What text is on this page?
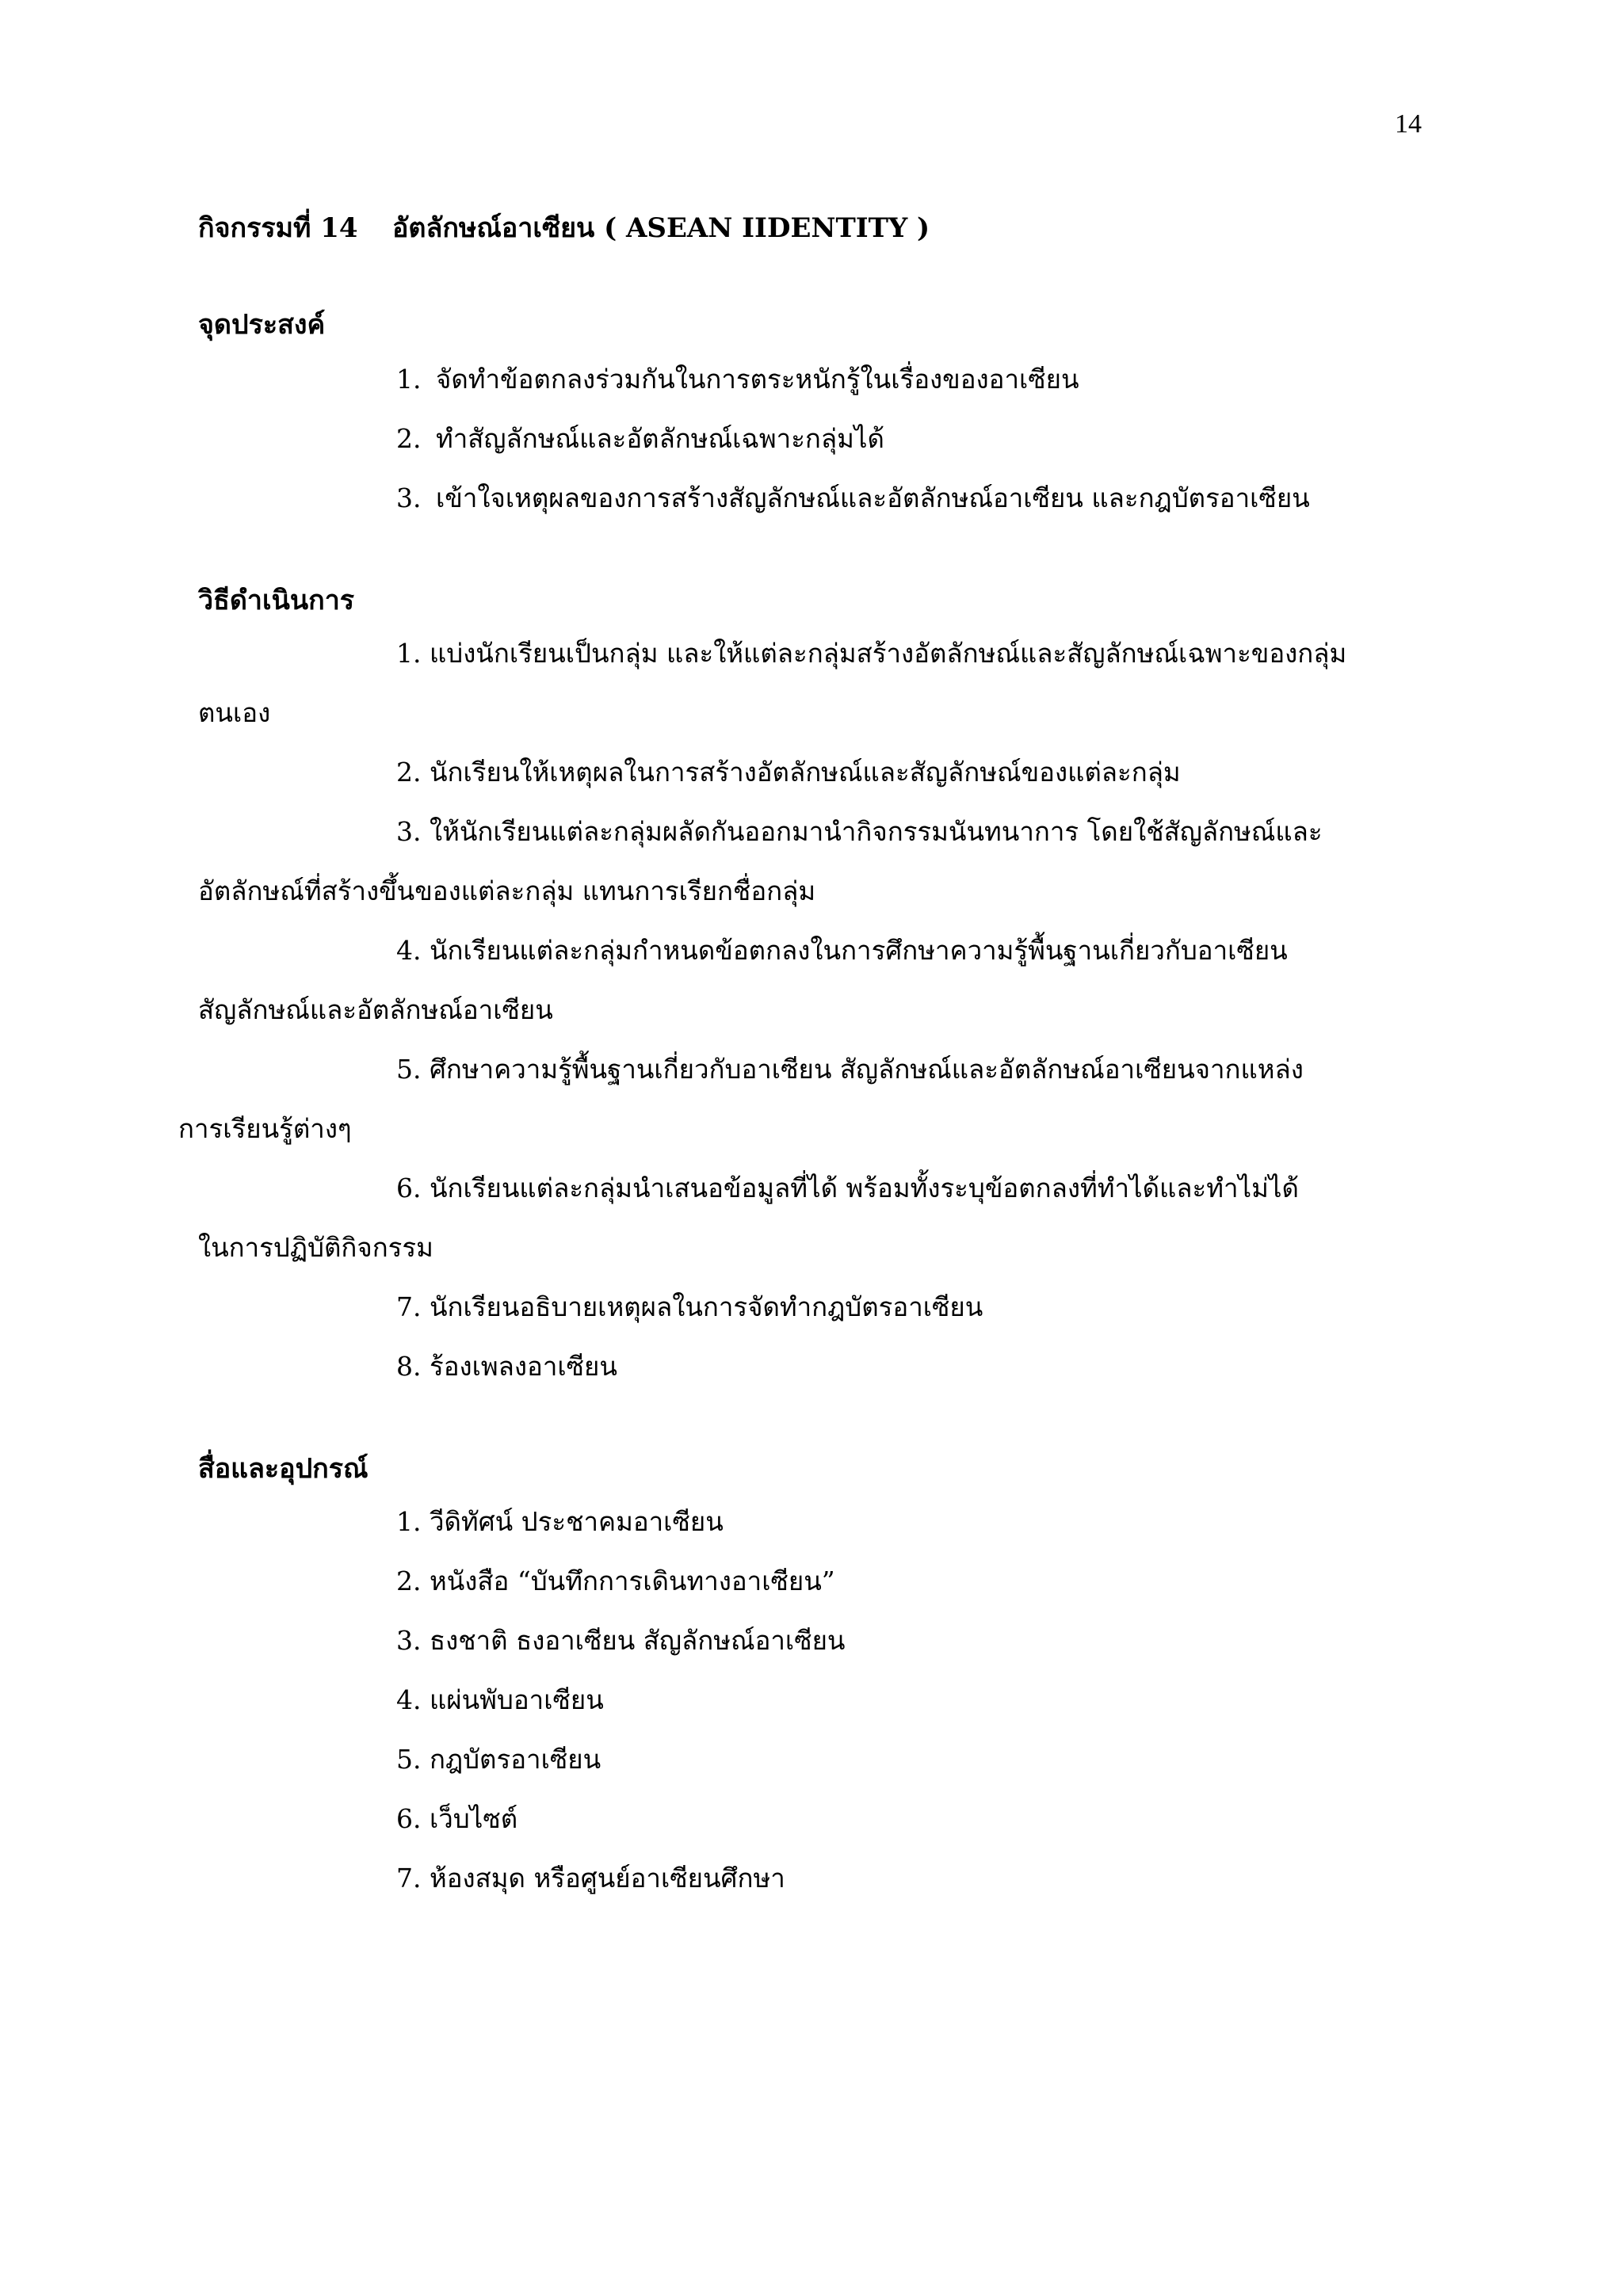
14
กิจกรรมที่ 14 อัตลักษณ์อาเซียน ( ASEAN IIDENTITY )
จุดประสงค์
1. จัดทำข้อตกลงร่วมกันในการตระหนักรู้ในเรื่องของอาเซียน
2. ทำสัญลักษณ์และอัตลักษณ์เฉพาะกลุ่มได้
3. เข้าใจเหตุผลของการสร้างสัญลักษณ์และอัตลักษณ์อาเซียน และกฎบัตรอาเซียน
วิธีดำเนินการ
1. แบ่งนักเรียนเป็นกลุ่ม และให้แต่ละกลุ่มสร้างอัตลักษณ์และสัญลักษณ์เฉพาะของกลุ่ม
ตนเอง
2. นักเรียนให้เหตุผลในการสร้างอัตลักษณ์และสัญลักษณ์ของแต่ละกลุ่ม
3. ให้นักเรียนแต่ละกลุ่มผลัดกันออกมานำกิจกรรมนันทนาการ โดยใช้สัญลักษณ์และ
อัตลักษณ์ที่สร้างขึ้นของแต่ละกลุ่ม แทนการเรียกชื่อกลุ่ม
4. นักเรียนแต่ละกลุ่มกำหนดข้อตกลงในการศึกษาความรู้พื้นฐานเกี่ยวกับอาเซียน
สัญลักษณ์และอัตลักษณ์อาเซียน
5. ศึกษาความรู้พื้นฐานเกี่ยวกับอาเซียน สัญลักษณ์และอัตลักษณ์อาเซียนจากแหล่ง
การเรียนรู้ต่างๆ
6. นักเรียนแต่ละกลุ่มนำเสนอข้อมูลที่ได้ พร้อมทั้งระบุข้อตกลงที่ทำได้และทำไม่ได้
ในการปฏิบัติกิจกรรม
7. นักเรียนอธิบายเหตุผลในการจัดทำกฎบัตรอาเซียน
8. ร้องเพลงอาเซียน
สื่อและอุปกรณ์
1. วีดิทัศน์ ประชาคมอาเซียน
2. หนังสือ “บันทึกการเดินทางอาเซียน”
3. ธงชาติ ธงอาเซียน สัญลักษณ์อาเซียน
4. แผ่นพับอาเซียน
5. กฎบัตรอาเซียน
6. เว็บไซต์
7. ห้องสมุด หรือศูนย์อาเซียนศึกษา
